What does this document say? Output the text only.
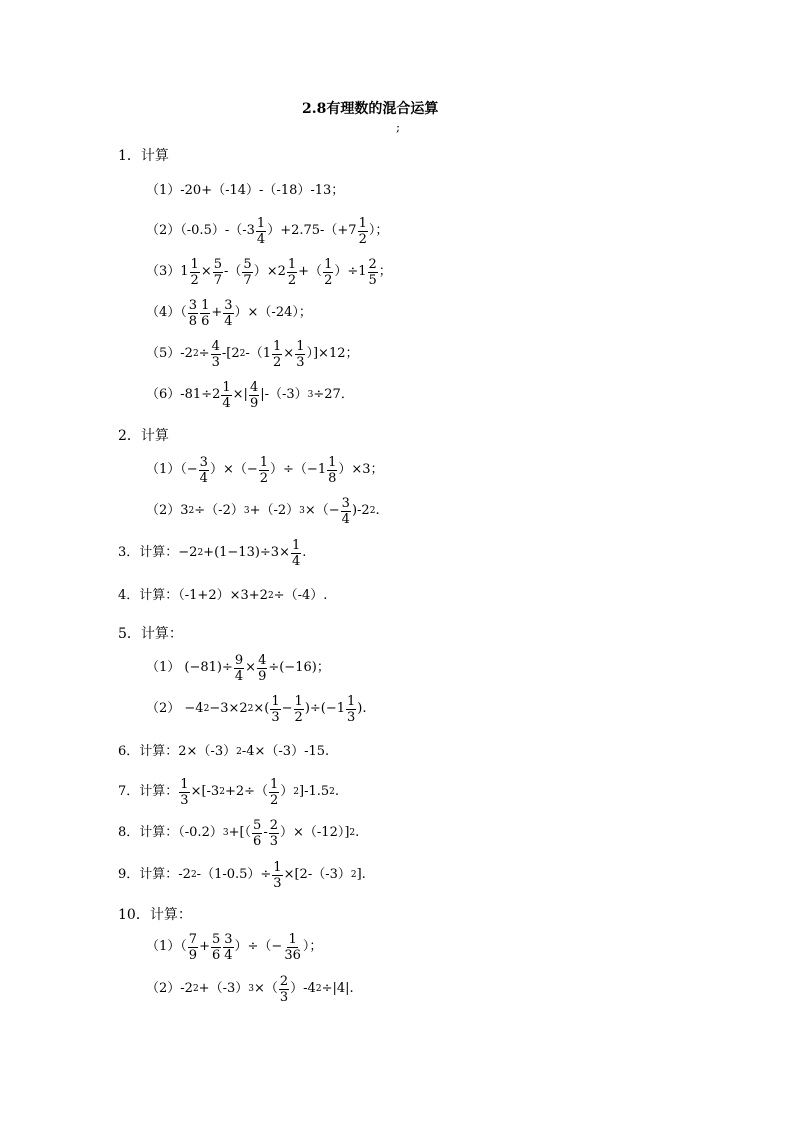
2.8有理数的混合运算
;
1．计算
（1）-20+（-14）-（-18）-13；
$(2)(-0.5)-(-3 \frac{1}{4} )+2.75-(+7 \frac{1}{2}$ ）；
$(3)1 \frac{1}{2} \times \frac{5}{7}$ -（ $\frac{5}{7} )\times 2 \frac{1}{2}$ +（ $\frac{1}{2} )\div 1 \frac{2}{5}$ ；
$(4)( \frac{3}{8} \frac{1}{6} + \frac{3}{4} )\times(-24)$；
（5）-2 $2 \div \frac{4}{3} -[2$ 2 $-(1 \frac{1}{2} \times \frac{1}{3} )]\times 12$；
$(6)-81\div 2 \frac{1}{4}$ ×| $\frac{4}{9} |-(-3)$ 3 ÷27．
2．计算
$(1)(- \frac{3}{4}$ ）×（− $\frac{1}{2} )\div(-1 \frac{1}{8} )\times 3$；
（2）3 2 ÷（-2） 3 +（-2） 3 ×（− $\frac{3}{4} )-2$ 2 .
3．计算：−2 $2 +(1-13)\div 3\times \frac{1}{4}$ .
4．计算：（-1+2）×3+2 2 ÷（-4）.
5．计算：
（1） $(-81)\div \frac{9}{4} \times \frac{4}{9} \div(-16)$；
（2） −4 2 −3×2 2 ×( $\frac{1}{3} - \frac{1}{2} )\div(-1 \frac{1}{3}$ ).
6．计算：2×（-3） 2 -4×（-3）-15.
7．计算： $\frac{1}{3} \times[-3$ $2 +2\div( \frac{1}{2}$ ） 2 ]-1.5 2 .
8．计算：（-0.2） 3 +[（ $\frac{5}{6} - \frac{2}{3} )\times(-12)$] 2 .
9．计算：-2 2 $-(1-0.5)\div \frac{1}{3} \times[2-(-3)$ 2 ].
10．计算：
$(1)( \frac{7}{9} + \frac{5}{6} \frac{3}{4}$ ）÷（− $\frac{1}{36}$ ）；
（2）-2 2 +（-3） 3 ×（ $\frac{2}{3} )-4$ 2 ÷|4|.
